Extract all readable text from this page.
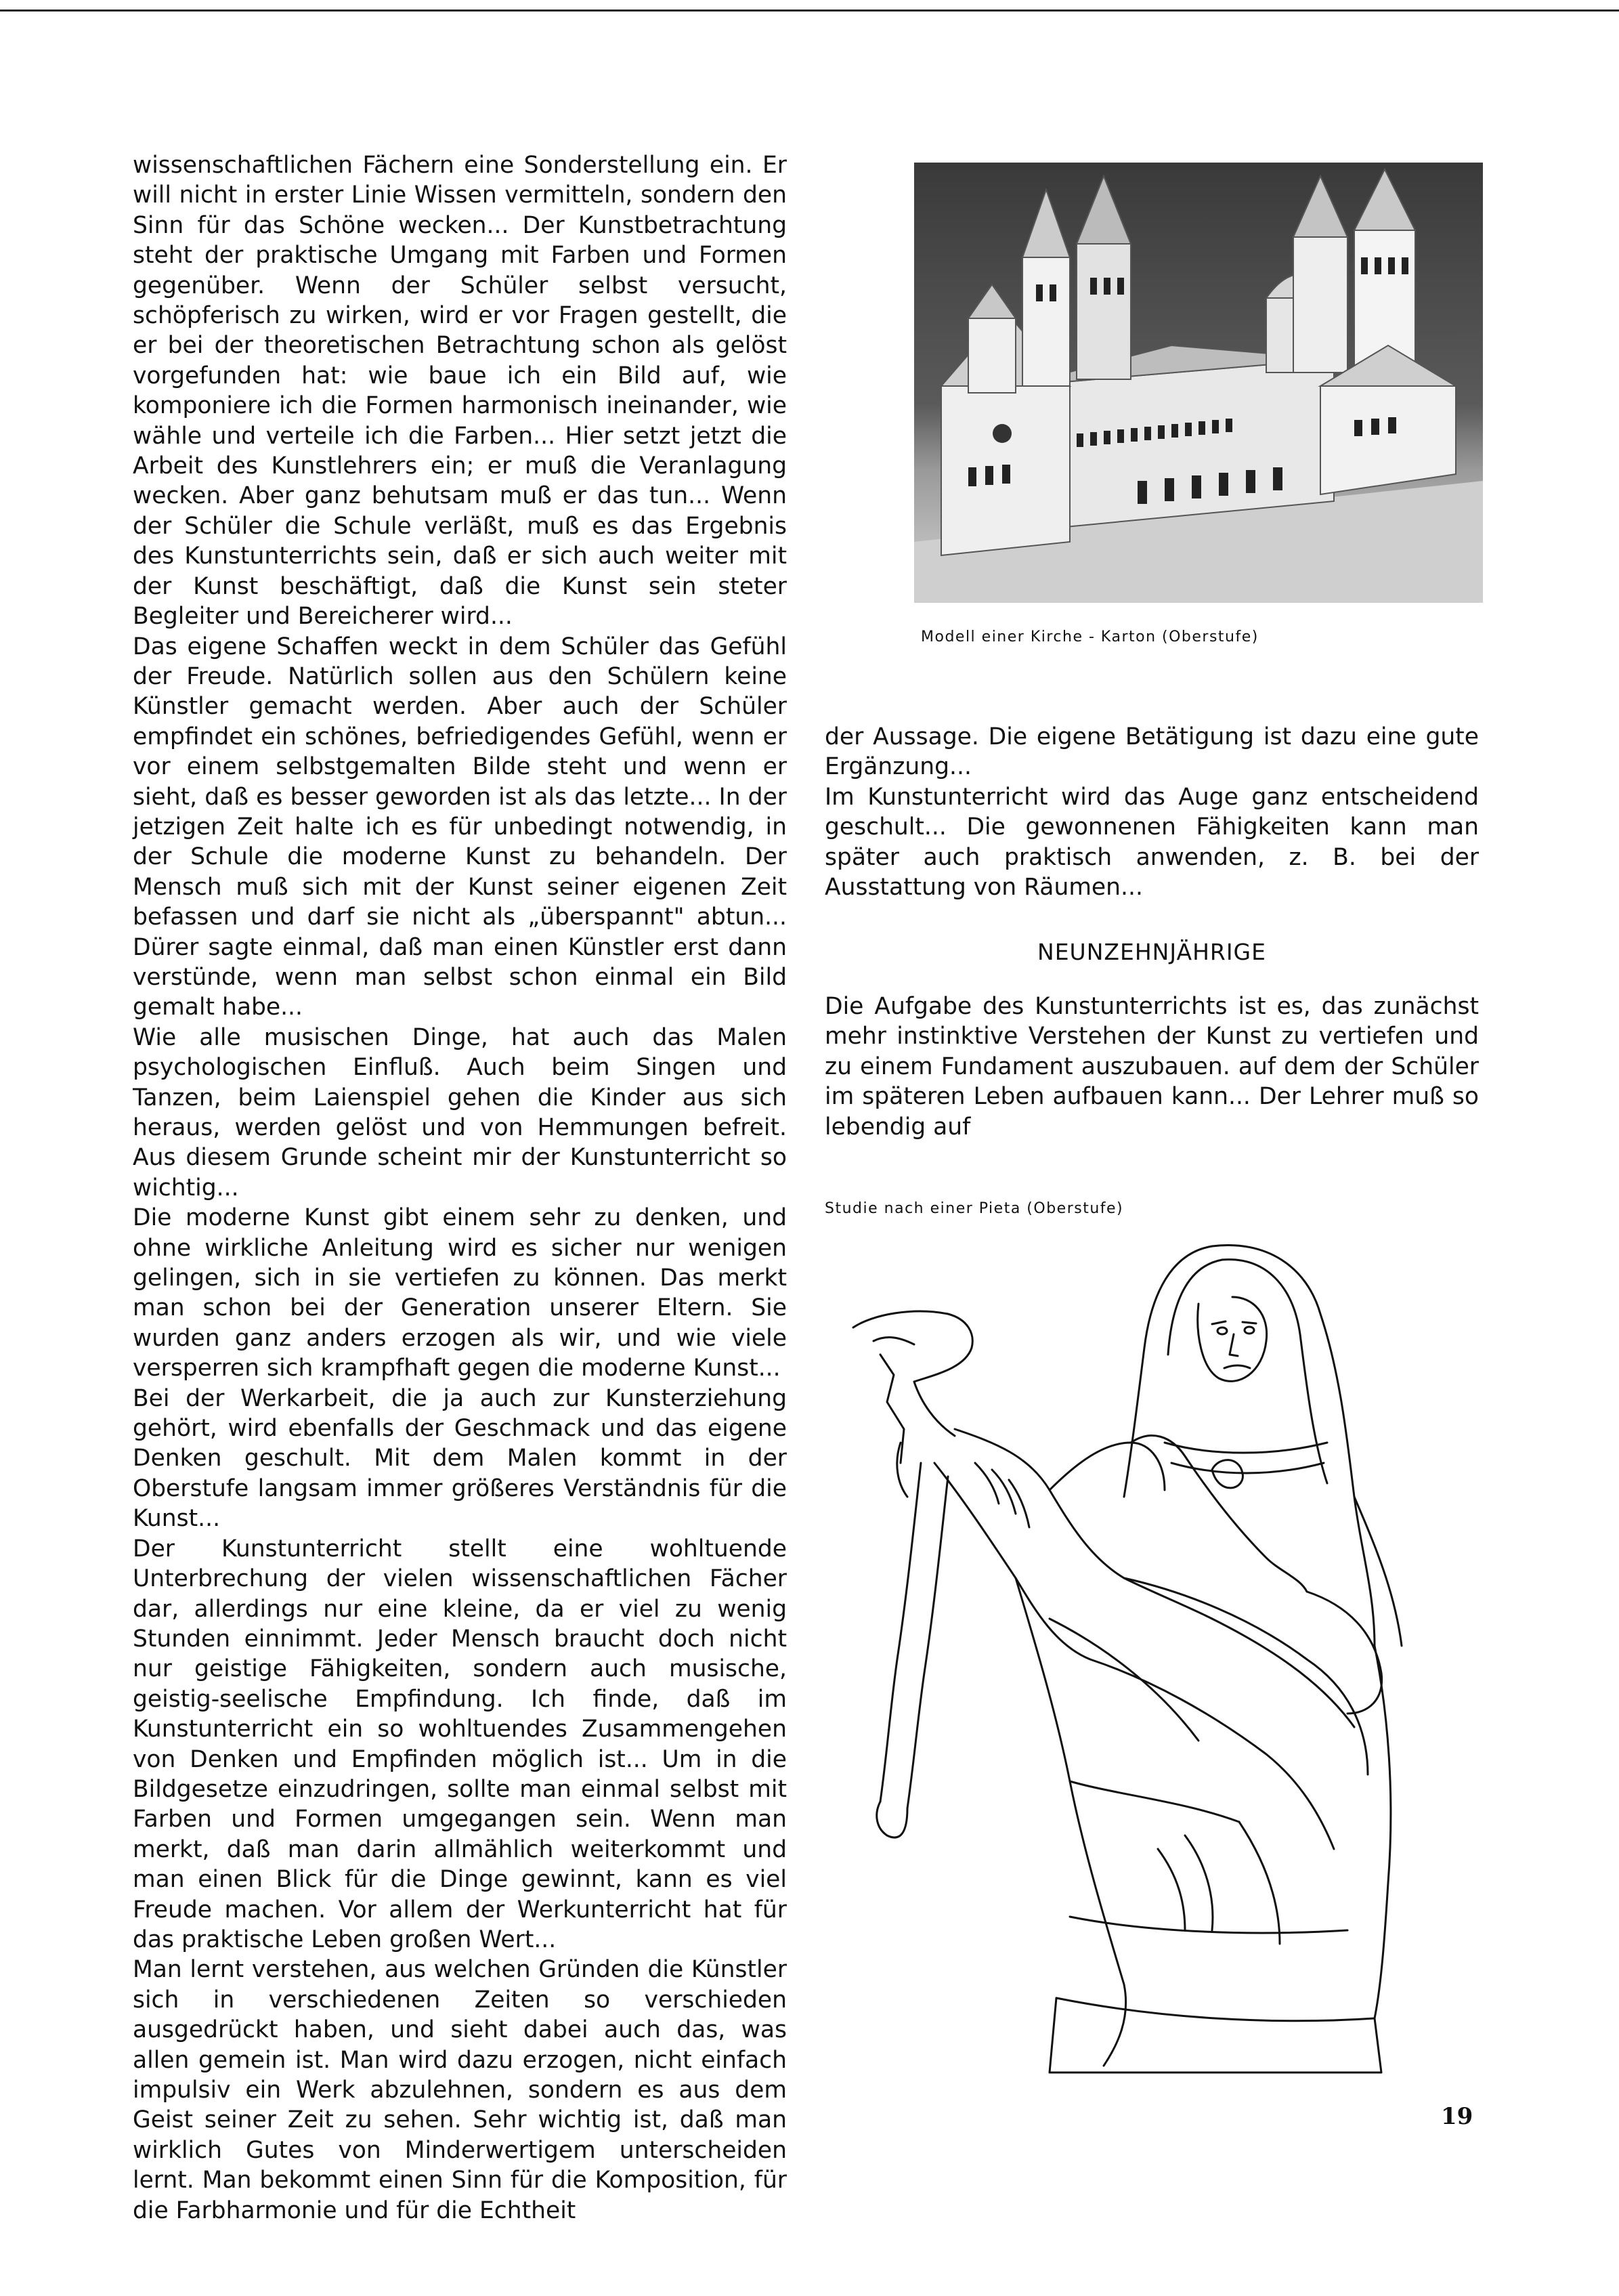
wissenschaftlichen Fächern eine Sonderstellung ein. Er will nicht in erster Linie Wissen vermitteln, sondern den Sinn für das Schöne wecken... Der Kunstbetrachtung steht der praktische Umgang mit Farben und Formen gegenüber. Wenn der Schüler selbst versucht, schöpferisch zu wirken, wird er vor Fragen gestellt, die er bei der theoretischen Betrachtung schon als gelöst vorgefunden hat: wie baue ich ein Bild auf, wie komponiere ich die Formen harmonisch ineinander, wie wähle und verteile ich die Farben... Hier setzt jetzt die Arbeit des Kunstlehrers ein; er muß die Veranlagung wecken. Aber ganz behutsam muß er das tun... Wenn der Schüler die Schule verläßt, muß es das Ergebnis des Kunstunterrichts sein, daß er sich auch weiter mit der Kunst beschäftigt, daß die Kunst sein steter Begleiter und Bereicherer wird...

Das eigene Schaffen weckt in dem Schüler das Gefühl der Freude. Natürlich sollen aus den Schülern keine Künstler gemacht werden. Aber auch der Schüler empfindet ein schönes, befriedigendes Gefühl, wenn er vor einem selbstgemalten Bilde steht und wenn er sieht, daß es besser geworden ist als das letzte... In der jetzigen Zeit halte ich es für unbedingt notwendig, in der Schule die moderne Kunst zu behandeln. Der Mensch muß sich mit der Kunst seiner eigenen Zeit befassen und darf sie nicht als „überspannt" abtun... Dürer sagte einmal, daß man einen Künstler erst dann verstünde, wenn man selbst schon einmal ein Bild gemalt habe...

Wie alle musischen Dinge, hat auch das Malen psychologischen Einfluß. Auch beim Singen und Tanzen, beim Laienspiel gehen die Kinder aus sich heraus, werden gelöst und von Hemmungen befreit. Aus diesem Grunde scheint mir der Kunstunterricht so wichtig...

Die moderne Kunst gibt einem sehr zu denken, und ohne wirkliche Anleitung wird es sicher nur wenigen gelingen, sich in sie vertiefen zu können. Das merkt man schon bei der Generation unserer Eltern. Sie wurden ganz anders erzogen als wir, und wie viele versperren sich krampfhaft gegen die moderne Kunst...

Bei der Werkarbeit, die ja auch zur Kunsterziehung gehört, wird ebenfalls der Geschmack und das eigene Denken geschult. Mit dem Malen kommt in der Oberstufe langsam immer größeres Verständnis für die Kunst...

Der Kunstunterricht stellt eine wohltuende Unterbrechung der vielen wissenschaftlichen Fächer dar, allerdings nur eine kleine, da er viel zu wenig Stunden einnimmt. Jeder Mensch braucht doch nicht nur geistige Fähigkeiten, sondern auch musische, geistig-seelische Empfindung. Ich finde, daß im Kunstunterricht ein so wohltuendes Zusammengehen von Denken und Empfinden möglich ist... Um in die Bildgesetze einzudringen, sollte man einmal selbst mit Farben und Formen umgegangen sein. Wenn man merkt, daß man darin allmählich weiterkommt und man einen Blick für die Dinge gewinnt, kann es viel Freude machen. Vor allem der Werkunterricht hat für das praktische Leben großen Wert...

Man lernt verstehen, aus welchen Gründen die Künstler sich in verschiedenen Zeiten so verschieden ausgedrückt haben, und sieht dabei auch das, was allen gemein ist. Man wird dazu erzogen, nicht einfach impulsiv ein Werk abzulehnen, sondern es aus dem Geist seiner Zeit zu sehen. Sehr wichtig ist, daß man wirklich Gutes von Minderwertigem unterscheiden lernt. Man bekommt einen Sinn für die Komposition, für die Farbharmonie und für die Echtheit

Modell einer Kirche - Karton (Oberstufe)

der Aussage. Die eigene Betätigung ist dazu eine gute Ergänzung...

Im Kunstunterricht wird das Auge ganz entscheidend geschult... Die gewonnenen Fähigkeiten kann man später auch praktisch anwenden, z. B. bei der Ausstattung von Räumen...

NEUNZEHNJÄHRIGE

Die Aufgabe des Kunstunterrichts ist es, das zunächst mehr instinktive Verstehen der Kunst zu vertiefen und zu einem Fundament auszubauen. auf dem der Schüler im späteren Leben aufbauen kann... Der Lehrer muß so lebendig auf

Studie nach einer Pieta (Oberstufe)
19
